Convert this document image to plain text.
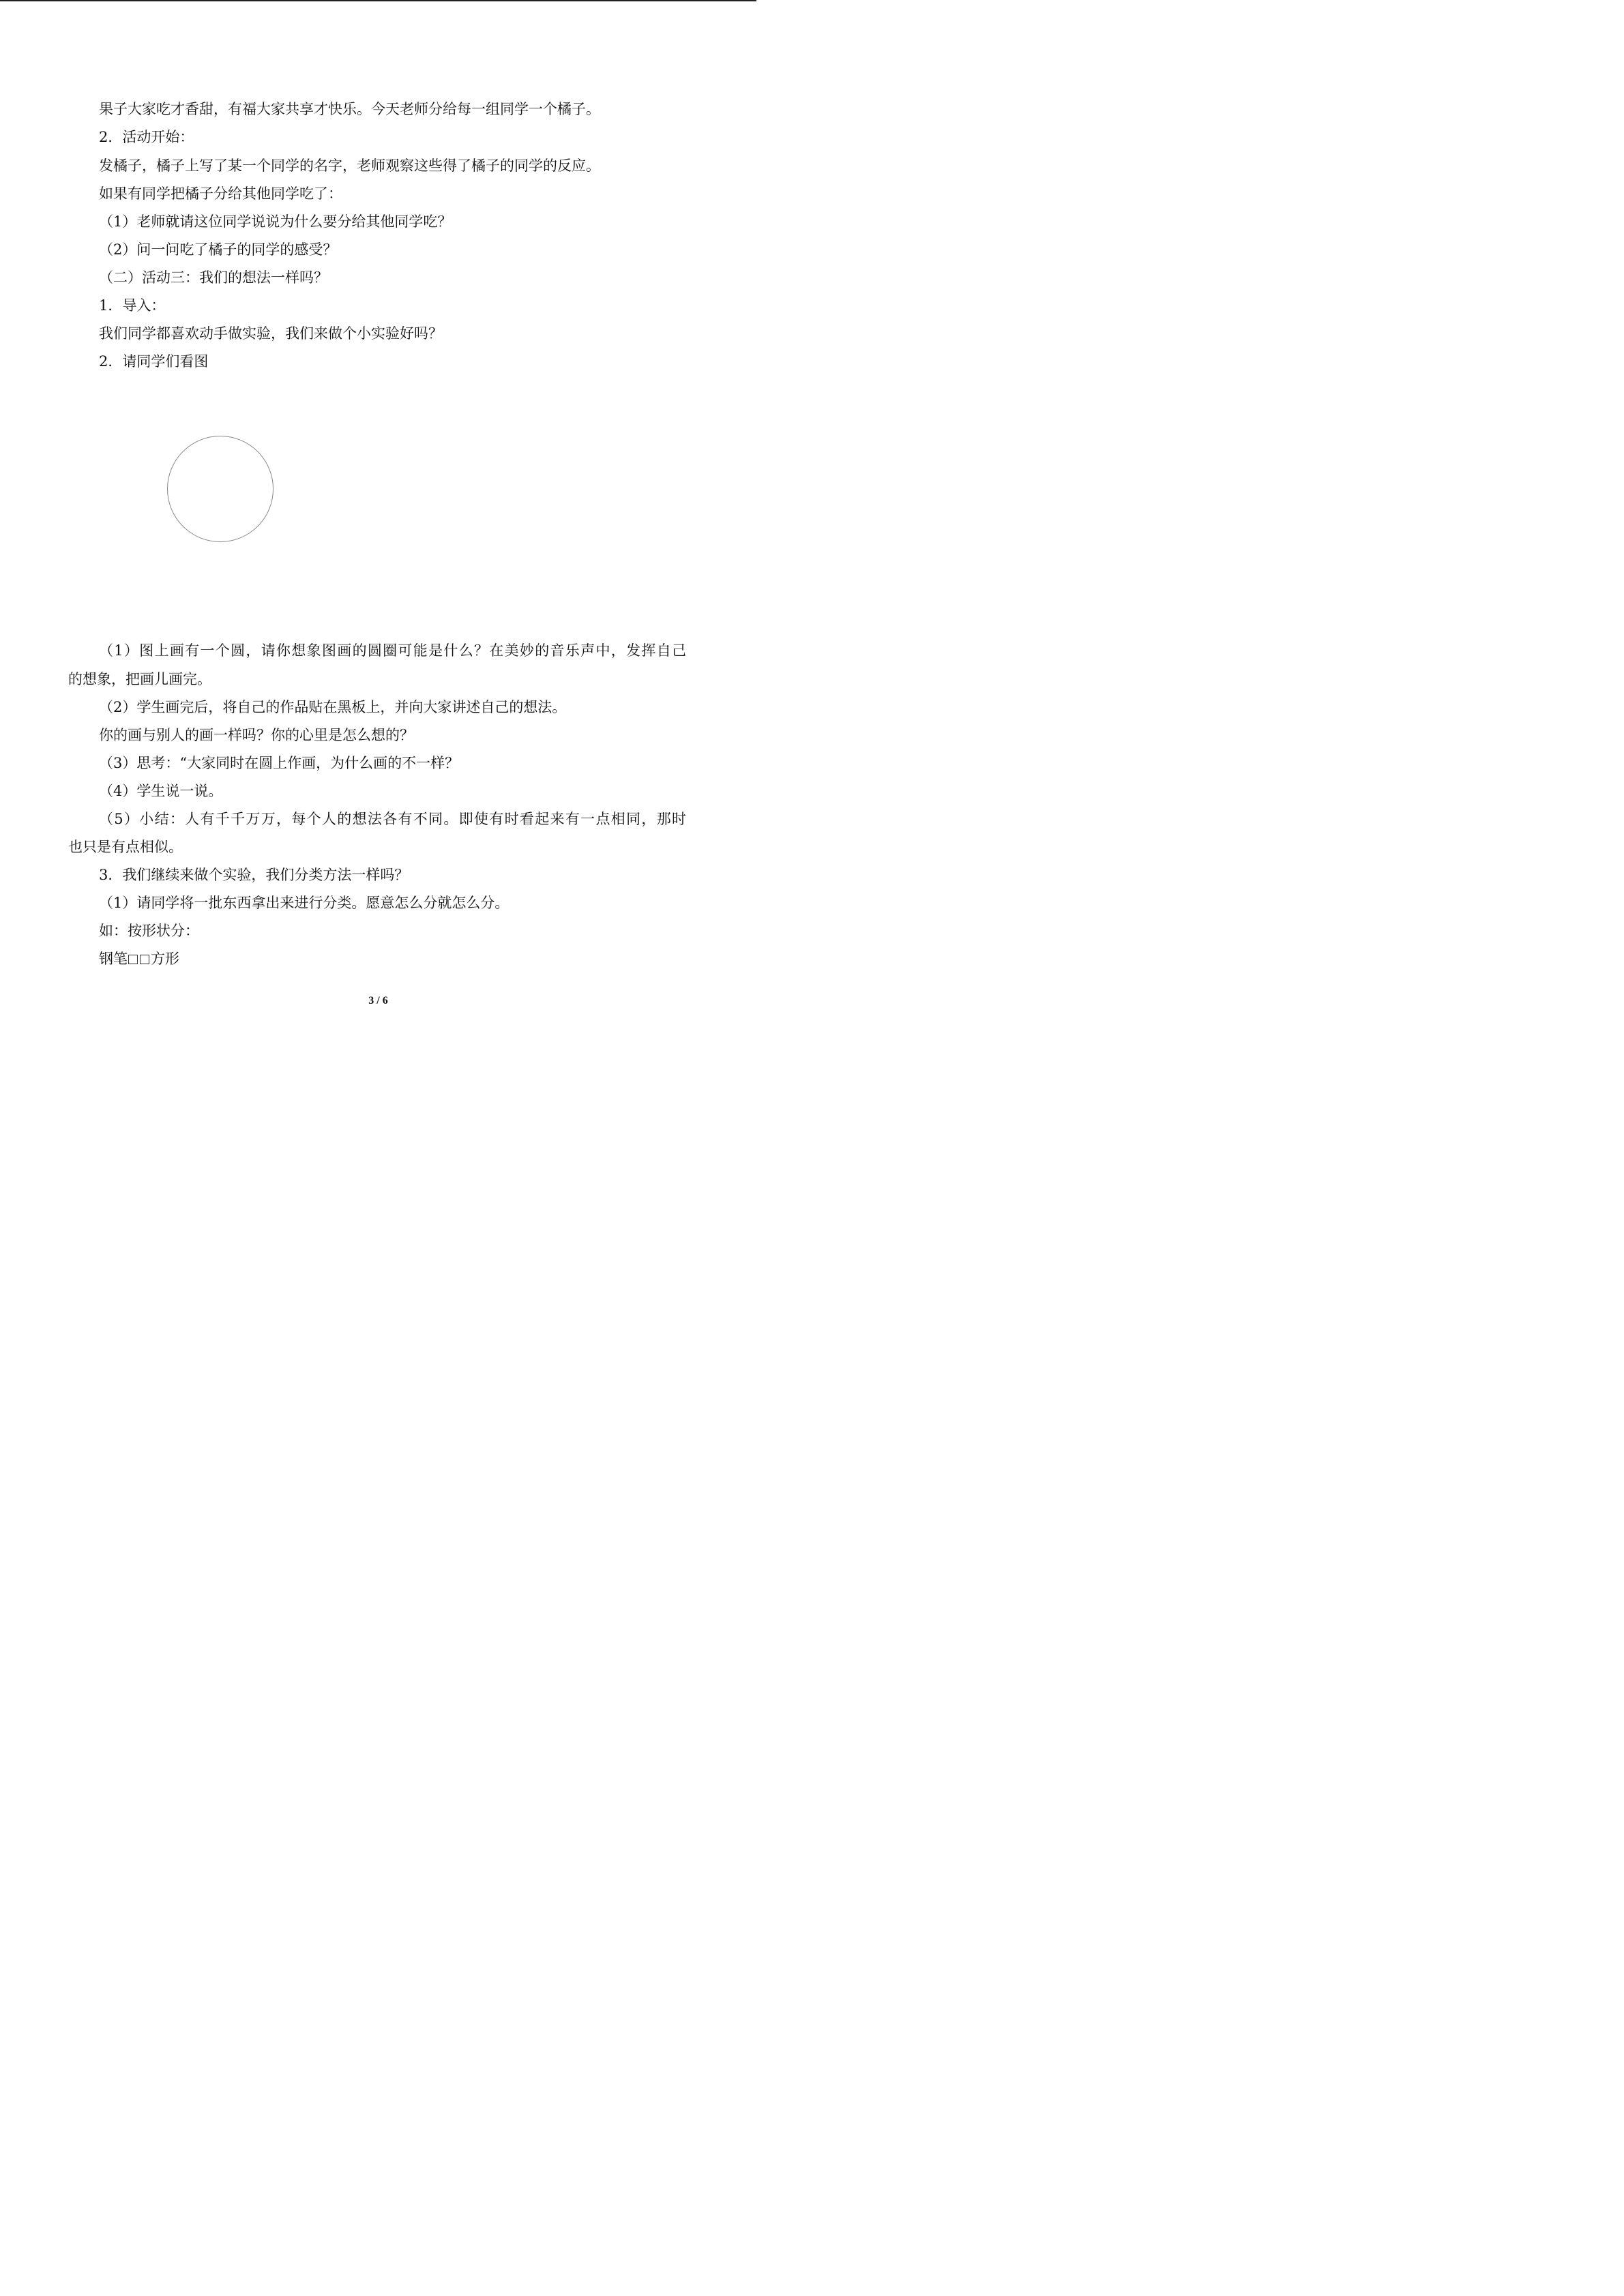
果子大家吃才香甜，有福大家共享才快乐。今天老师分给每一组同学一个橘子。
2．活动开始：
发橘子，橘子上写了某一个同学的名字，老师观察这些得了橘子的同学的反应。
如果有同学把橘子分给其他同学吃了：
（1）老师就请这位同学说说为什么要分给其他同学吃？
（2）问一问吃了橘子的同学的感受？
（二）活动三：我们的想法一样吗？
1．导入：
我们同学都喜欢动手做实验，我们来做个小实验好吗？
2．请同学们看图
（1）图上画有一个圆，请你想象图画的圆圈可能是什么？在美妙的音乐声中，发挥自己
的想象，把画儿画完。
（2）学生画完后，将自己的作品贴在黑板上，并向大家讲述自己的想法。
你的画与别人的画一样吗？你的心里是怎么想的？
（3）思考：“大家同时在圆上作画，为什么画的不一样？
（4）学生说一说。
（5）小结：人有千千万万，每个人的想法各有不同。即使有时看起来有一点相同，那时
也只是有点相似。
3．我们继续来做个实验，我们分类方法一样吗？
（1）请同学将一批东西拿出来进行分类。愿意怎么分就怎么分。
如：按形状分：
钢笔 方形
3 / 6
